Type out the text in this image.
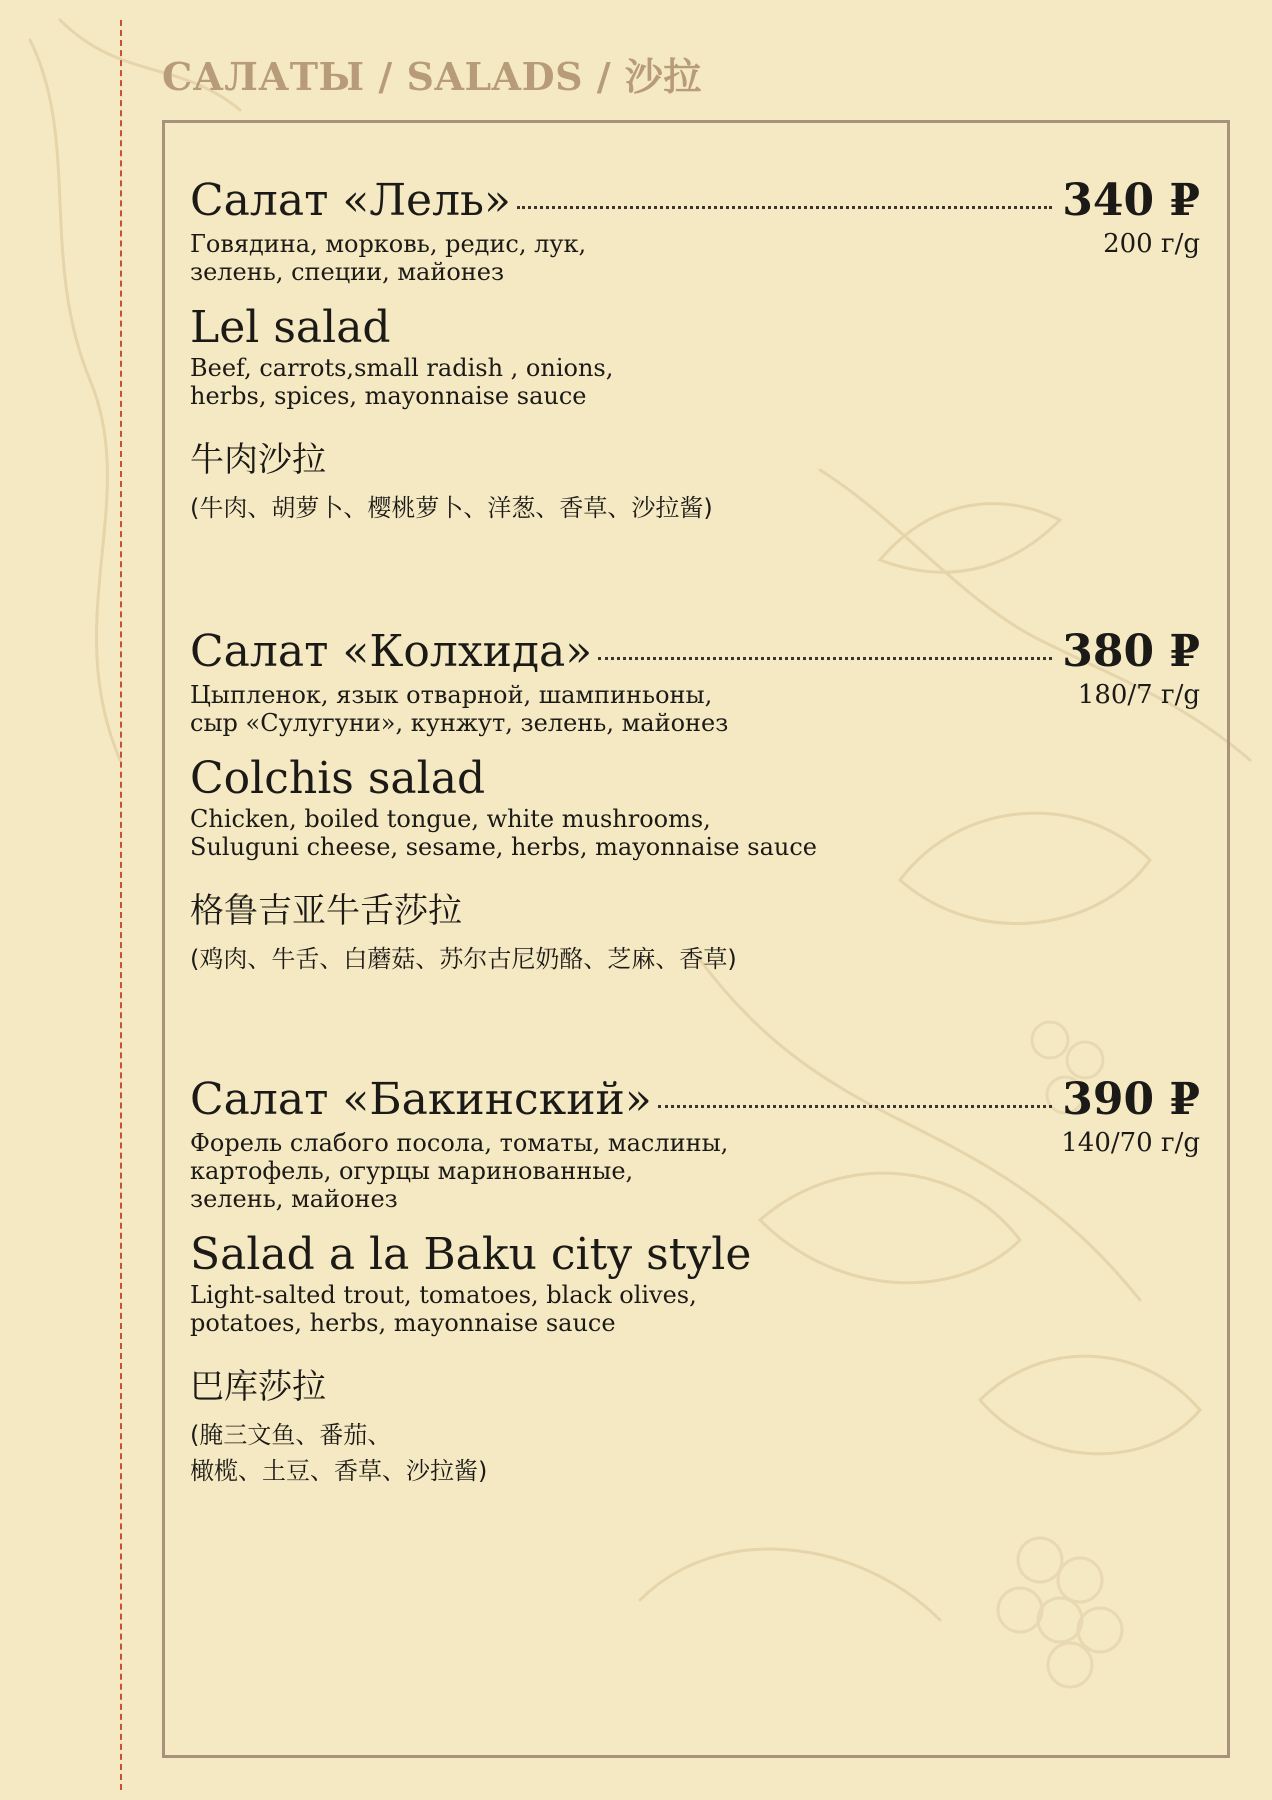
САЛАТЫ / SALADS / 沙拉
Салат «Лель»	340 ₽

Говядина, морковь, редис, лук,
зелень, специи, майонез

200 г/g
Lel salad

Beef, carrots,small radish , onions,
herbs, spices, mayonnaise sauce

牛肉沙拉
(牛肉、胡萝卜、樱桃萝卜、洋葱、香草、沙拉酱)
Салат «Колхида»	380 ₽

Цыпленок, язык отварной, шампиньоны,
сыр «Сулугуни», кунжут, зелень, майонез

180/7 г/g
Colchis salad

Chicken, boiled tongue, white mushrooms,
Suluguni cheese, sesame, herbs, mayonnaise sauce

格鲁吉亚牛舌莎拉
(鸡肉、牛舌、白蘑菇、苏尔古尼奶酪、芝麻、香草)
Салат «Бакинский»	390 ₽

Форель слабого посола, томаты, маслины,
картофель, огурцы маринованные,
зелень, майонез

140/70 г/g
Salad a la Baku city style

Light-salted trout, tomatoes, black olives,
potatoes, herbs, mayonnaise sauce

巴库莎拉
(腌三文鱼、番茄、
橄榄、土豆、香草、沙拉酱)
